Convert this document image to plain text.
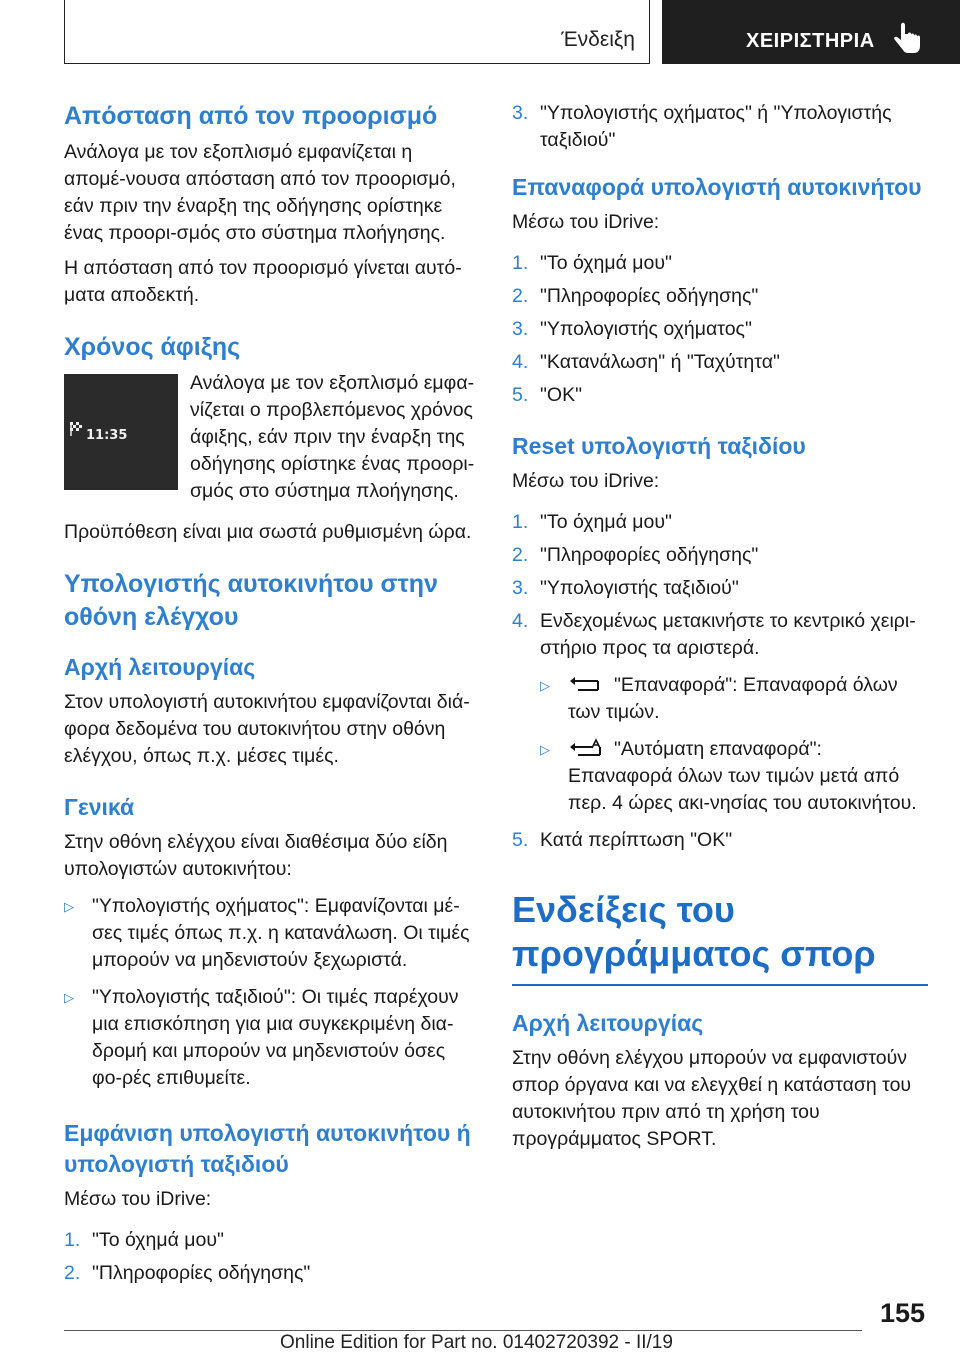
Ένδειξη	ΧΕΙΡΙΣΤΗΡΙΑ
Απόσταση από τον προορισμό

Ανάλογα με τον εξοπλισμό εμφανίζεται η απομέ-νουσα απόσταση από τον προορισμό, εάν πριν την έναρξη της οδήγησης ορίστηκε ένας προορι-σμός στο σύστημα πλοήγησης.

Η απόσταση από τον προορισμό γίνεται αυτό-ματα αποδεκτή.

Χρόνος άφιξης
11:35

Ανάλογα με τον εξοπλισμό εμφα-νίζεται ο προβλεπόμενος χρόνος άφιξης, εάν πριν την έναρξη της οδήγησης ορίστηκε ένας προορι-σμός στο σύστημα πλοήγησης.

Προϋπόθεση είναι μια σωστά ρυθμισμένη ώρα.

Υπολογιστής αυτοκινήτου στην οθόνη ελέγχου
Αρχή λειτουργίας

Στον υπολογιστή αυτοκινήτου εμφανίζονται διά-φορα δεδομένα του αυτοκινήτου στην οθόνη ελέγχου, όπως π.χ. μέσες τιμές.

Γενικά

Στην οθόνη ελέγχου είναι διαθέσιμα δύο είδη υπολογιστών αυτοκινήτου:

▷ "Υπολογιστής οχήματος": Εμφανίζονται μέ-σες τιμές όπως π.χ. η κατανάλωση. Οι τιμές μπορούν να μηδενιστούν ξεχωριστά.
▷ "Υπολογιστής ταξιδιού": Οι τιμές παρέχουν μια επισκόπηση για μια συγκεκριμένη δια-δρομή και μπορούν να μηδενιστούν όσες φο-ρές επιθυμείτε.
Εμφάνιση υπολογιστή αυτοκινήτου ή υπολογιστή ταξιδιού

Μέσω του iDrive:

1. "Το όχημά μου"
2. "Πληροφορίες οδήγησης"
3. "Υπολογιστής οχήματος" ή "Υπολογιστής ταξιδιού"
Επαναφορά υπολογιστή αυτοκινήτου

Μέσω του iDrive:

1. "Το όχημά μου"
2. "Πληροφορίες οδήγησης"
3. "Υπολογιστής οχήματος"
4. "Κατανάλωση" ή "Ταχύτητα"
5. "OK"
Reset υπολογιστή ταξιδίου

Μέσω του iDrive:

1. "Το όχημά μου"
2. "Πληροφορίες οδήγησης"
3. "Υπολογιστής ταξιδιού"
4. Ενδεχομένως μετακινήστε το κεντρικό χειρι-στήριο προς τα αριστερά.
▷	"Επαναφορά": Επαναφορά όλων των τιμών.
▷	"Αυτόματη επαναφορά": Επαναφορά όλων των τιμών μετά από περ. 4 ώρες ακι-νησίας του αυτοκινήτου.
5. Κατά περίπτωση "OK"
Ενδείξεις του προγράμματος σπορ
Αρχή λειτουργίας

Στην οθόνη ελέγχου μπορούν να εμφανιστούν σπορ όργανα και να ελεγχθεί η κατάσταση του αυτοκινήτου πριν από τη χρήση του προγράμματος SPORT.

155
Online Edition for Part no. 01402720392 - II/19
